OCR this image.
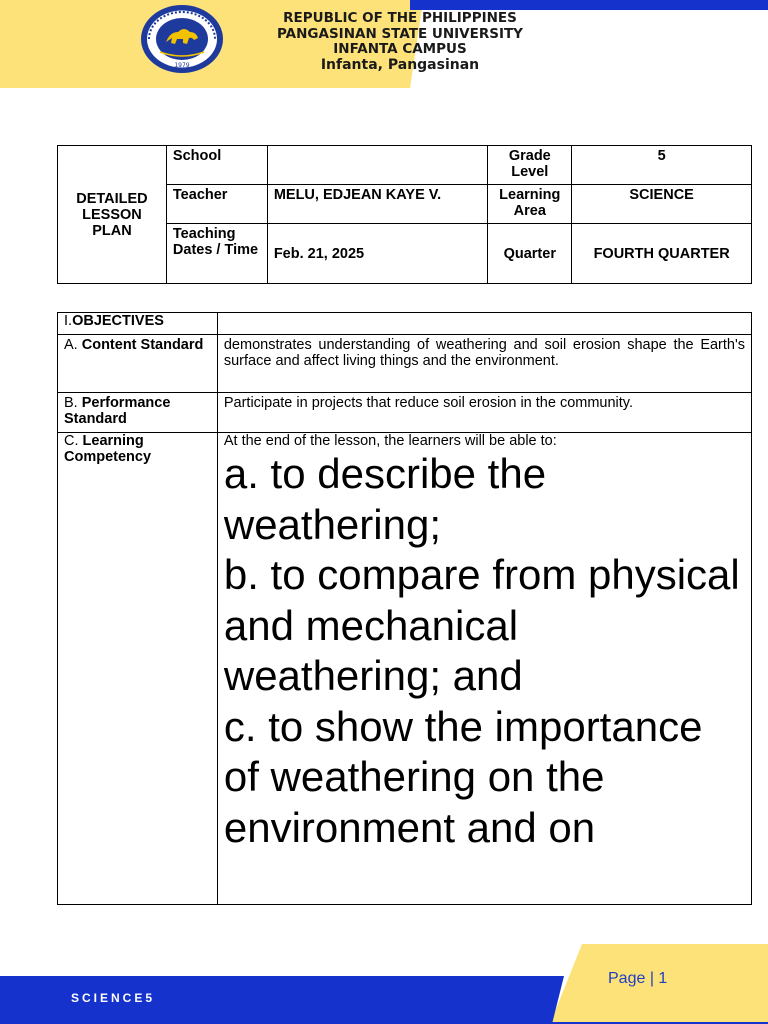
1979
REPUBLIC OF THE PHILIPPINES
PANGASINAN STATE UNIVERSITY
INFANTA CAMPUS
Infanta, Pangasinan
DETAILED LESSON PLAN	School		Grade Level	5
	Teacher	MELU, EDJEAN KAYE V.	Learning Area	SCIENCE
	Teaching Dates / Time	Feb. 21, 2025	Quarter	FOURTH QUARTER
I.OBJECTIVES	
A. Content Standard	demonstrates understanding of weathering and soil erosion shape the Earth's surface and affect living things and the environment.
B. Performance Standard	Participate in projects that reduce soil erosion in the community.
C. Learning Competency	At the end of the lesson, the learners will be able to:
a. to describe the weathering;
b. to compare from physical and mechanical weathering; and
c. to show the importance of weathering on the environment and on
SCIENCE5
Page | 1
